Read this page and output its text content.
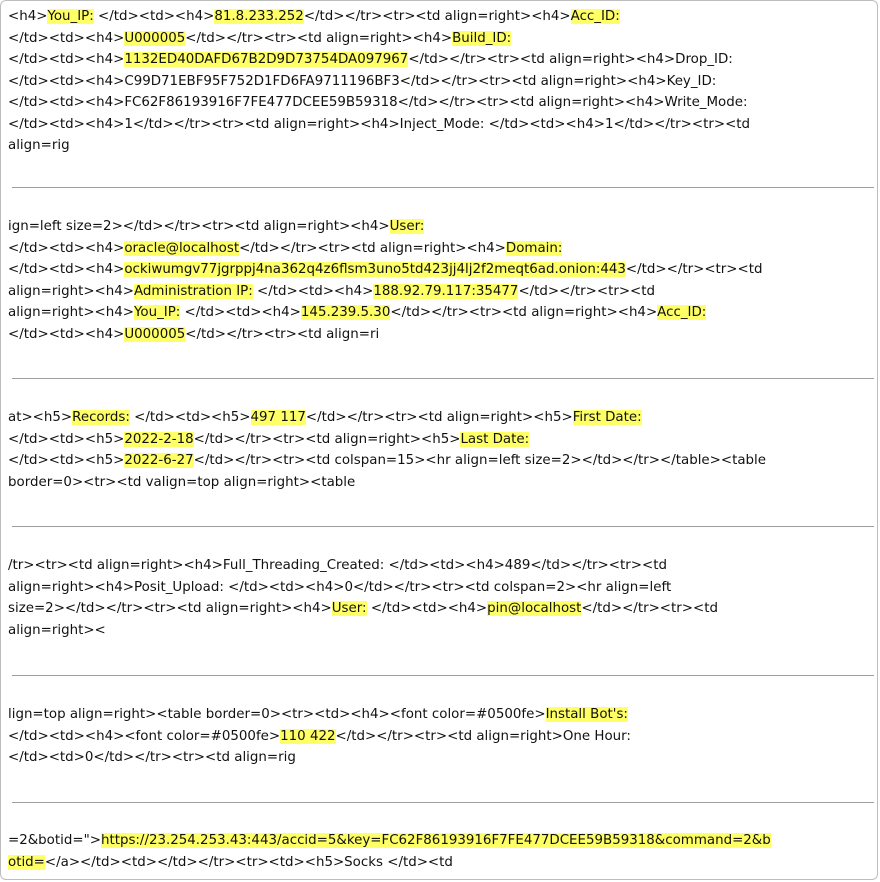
<h4>You_IP: </td><td><h4>81.8.233.252</td></tr><tr><td align=right><h4>Acc_ID:
</td><td><h4>U000005</td></tr><tr><td align=right><h4>Build_ID:
</td><td><h4>1132ED40DAFD67B2D9D73754DA097967</td></tr><tr><td align=right><h4>Drop_ID:
</td><td><h4>C99D71EBF95F752D1FD6FA9711196BF3</td></tr><tr><td align=right><h4>Key_ID:
</td><td><h4>FC62F86193916F7FE477DCEE59B59318</td></tr><tr><td align=right><h4>Write_Mode:
</td><td><h4>1</td></tr><tr><td align=right><h4>Inject_Mode: </td><td><h4>1</td></tr><tr><td
align=rig
ign=left size=2></td></tr><tr><td align=right><h4>User:
</td><td><h4>oracle@localhost</td></tr><tr><td align=right><h4>Domain:
</td><td><h4>ockiwumgv77jgrppj4na362q4z6flsm3uno5td423jj4lj2f2meqt6ad.onion:443</td></tr><tr><td
align=right><h4>Administration IP: </td><td><h4>188.92.79.117:35477</td></tr><tr><td
align=right><h4>You_IP: </td><td><h4>145.239.5.30</td></tr><tr><td align=right><h4>Acc_ID:
</td><td><h4>U000005</td></tr><tr><td align=ri
at><h5>Records: </td><td><h5>497 117</td></tr><tr><td align=right><h5>First Date:
</td><td><h5>2022-2-18</td></tr><tr><td align=right><h5>Last Date:
</td><td><h5>2022-6-27</td></tr><tr><td colspan=15><hr align=left size=2></td></tr></table><table
border=0><tr><td valign=top align=right><table
/tr><tr><td align=right><h4>Full_Threading_Created: </td><td><h4>489</td></tr><tr><td
align=right><h4>Posit_Upload: </td><td><h4>0</td></tr><tr><td colspan=2><hr align=left
size=2></td></tr><tr><td align=right><h4>User: </td><td><h4>pin@localhost</td></tr><tr><td
align=right><
lign=top align=right><table border=0><tr><td><h4><font color=#0500fe>Install Bot's:
</td><td><h4><font color=#0500fe>110 422</td></tr><tr><td align=right>One Hour:
</td><td>0</td></tr><tr><td align=rig
=2&botid=">https://23.254.253.43:443/accid=5&key=FC62F86193916F7FE477DCEE59B59318&command=2&b
otid=</a></td><td></td></tr><tr><td><h5>Socks </td><td
